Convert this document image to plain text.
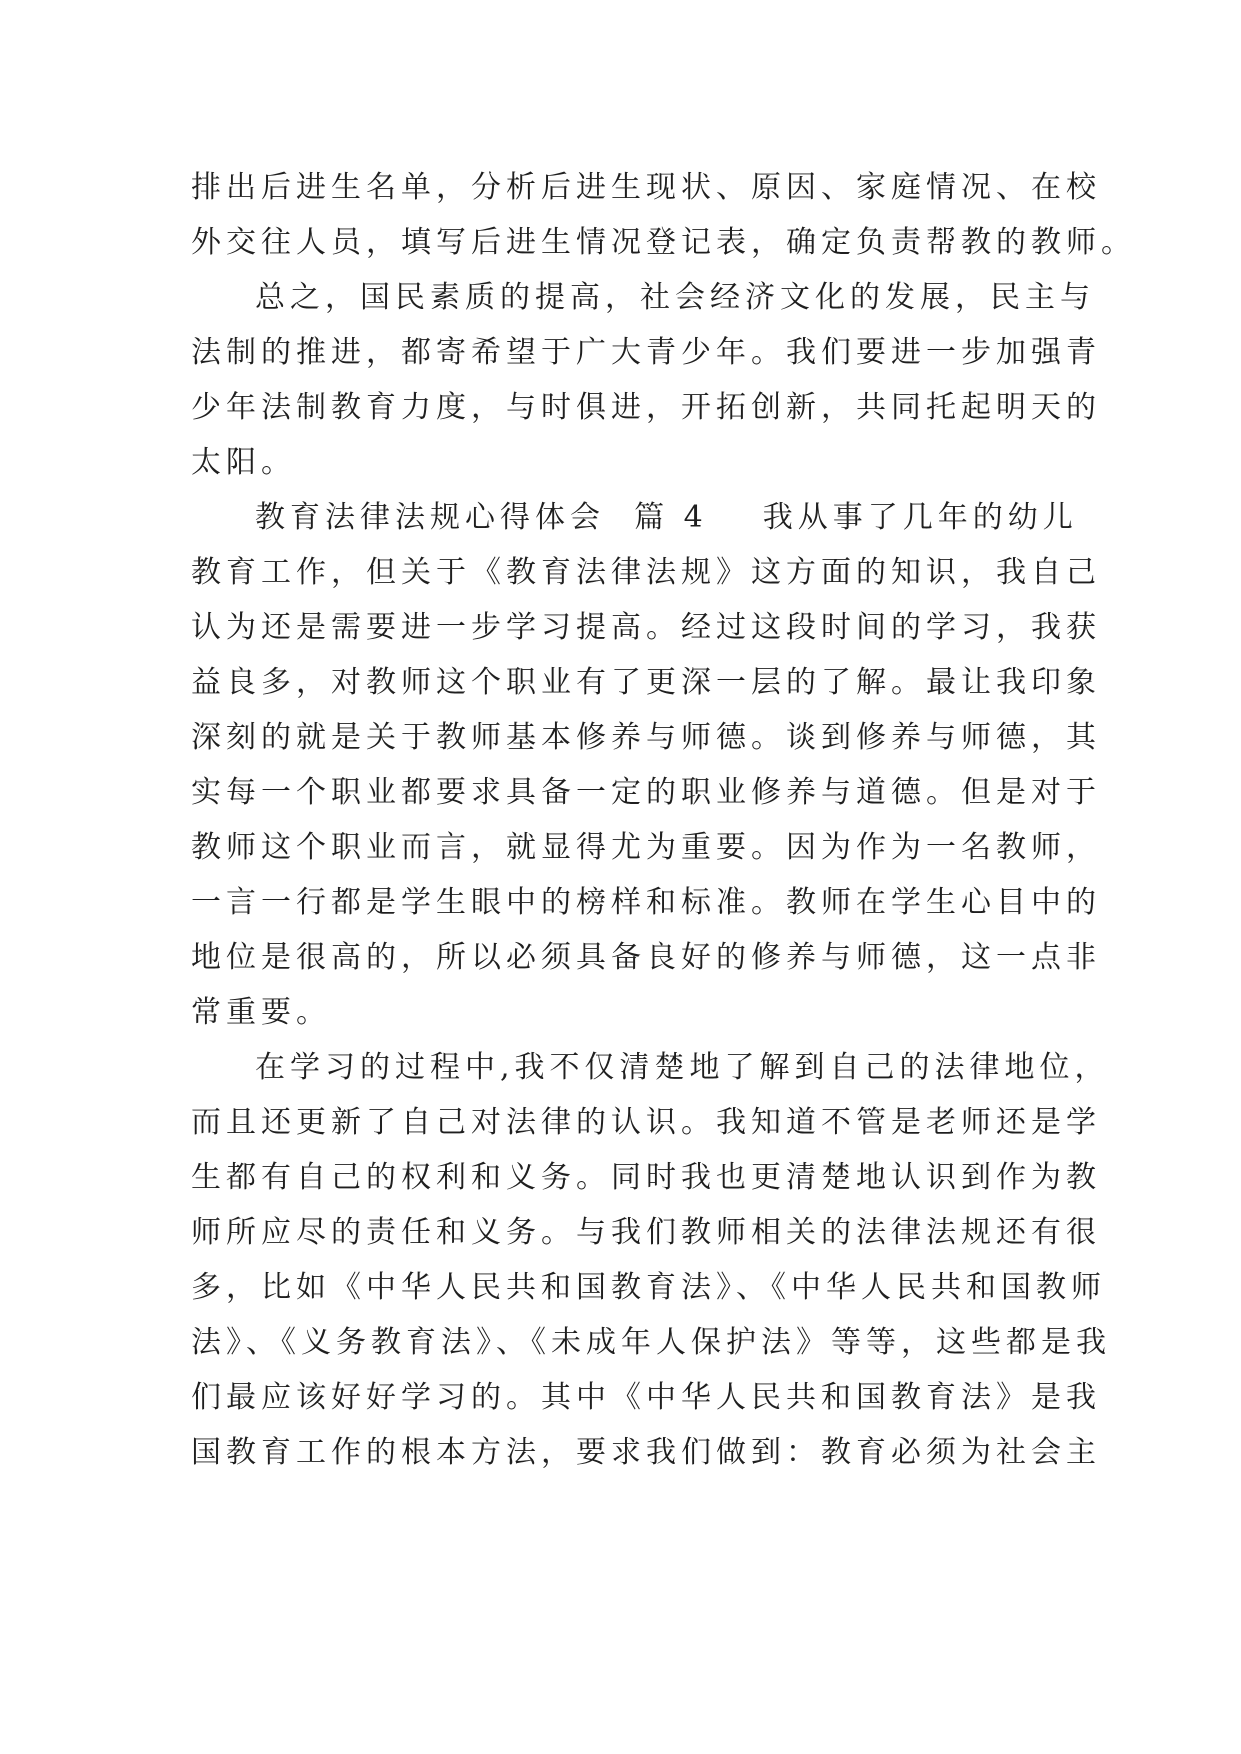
排出后进生名单，分析后进生现状、原因、家庭情况、在校
外交往人员，填写后进生情况登记表，确定负责帮教的教师。
总之，国民素质的提高，社会经济文化的发展，民主与
法制的推进，都寄希望于广大青少年。我们要进一步加强青
少年法制教育力度，与时俱进，开拓创新，共同托起明天的
太阳。
教育法律法规心得体会  篇 4 我从事了几年的幼儿
教育工作，但关于《教育法律法规》这方面的知识，我自己
认为还是需要进一步学习提高。经过这段时间的学习，我获
益良多，对教师这个职业有了更深一层的了解。最让我印象
深刻的就是关于教师基本修养与师德。谈到修养与师德，其
实每一个职业都要求具备一定的职业修养与道德。但是对于
教师这个职业而言，就显得尤为重要。因为作为一名教师，
一言一行都是学生眼中的榜样和标准。教师在学生心目中的
地位是很高的，所以必须具备良好的修养与师德，这一点非
常重要。
在学习的过程中,我不仅清楚地了解到自己的法律地位，
而且还更新了自己对法律的认识。我知道不管是老师还是学
生都有自己的权利和义务。同时我也更清楚地认识到作为教
师所应尽的责任和义务。与我们教师相关的法律法规还有很
多，比如《中华人民共和国教育法》、《中华人民共和国教师
法》、《义务教育法》、《未成年人保护法》等等，这些都是我
们最应该好好学习的。其中《中华人民共和国教育法》是我
国教育工作的根本方法，要求我们做到：教育必须为社会主
